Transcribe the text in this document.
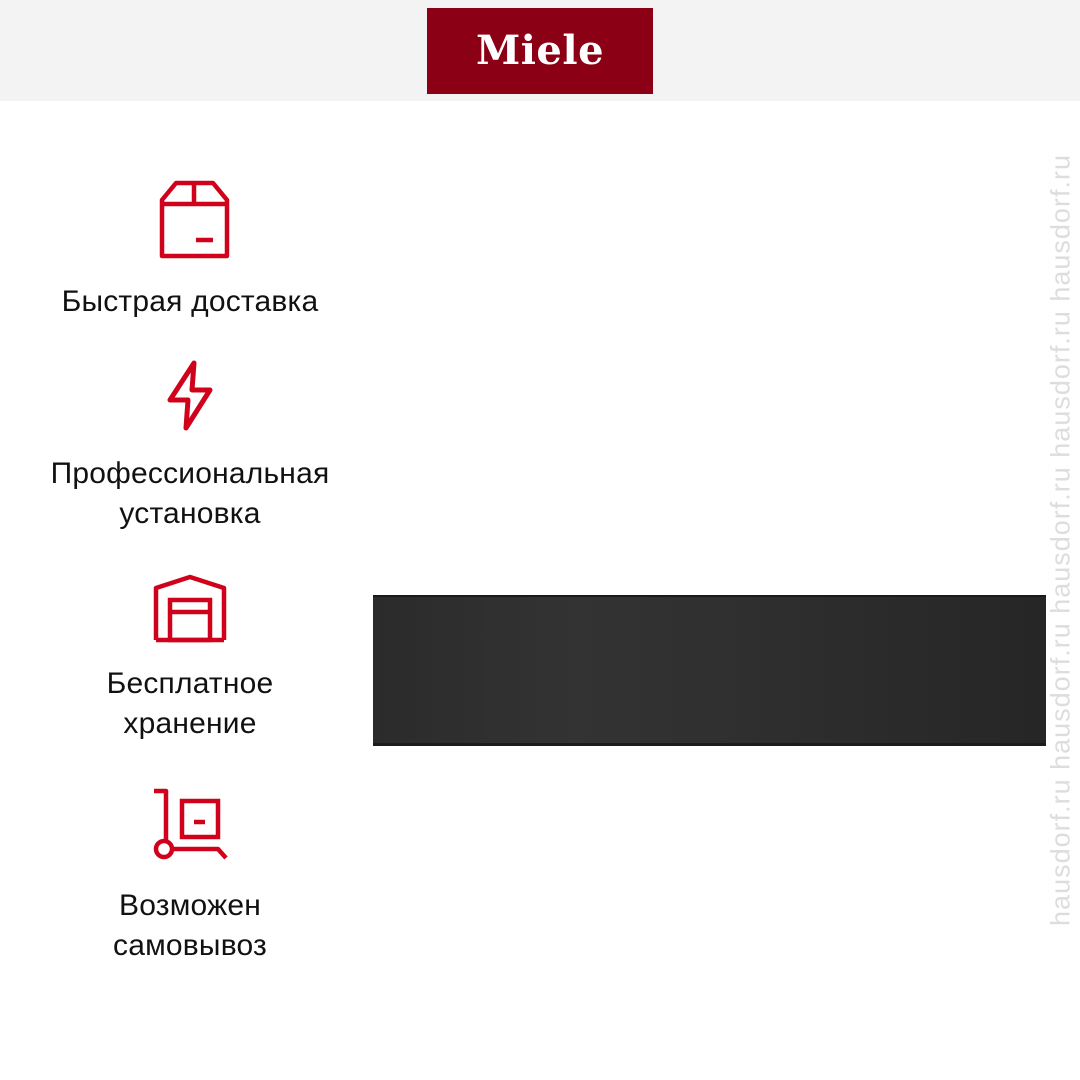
Miele
Быстрая доставка
Профессиональная
установка
Бесплатное
хранение
Возможен
самовывоз
hausdorf.ru hausdorf.ru hausdorf.ru hausdorf.ru hausdorf.ru
